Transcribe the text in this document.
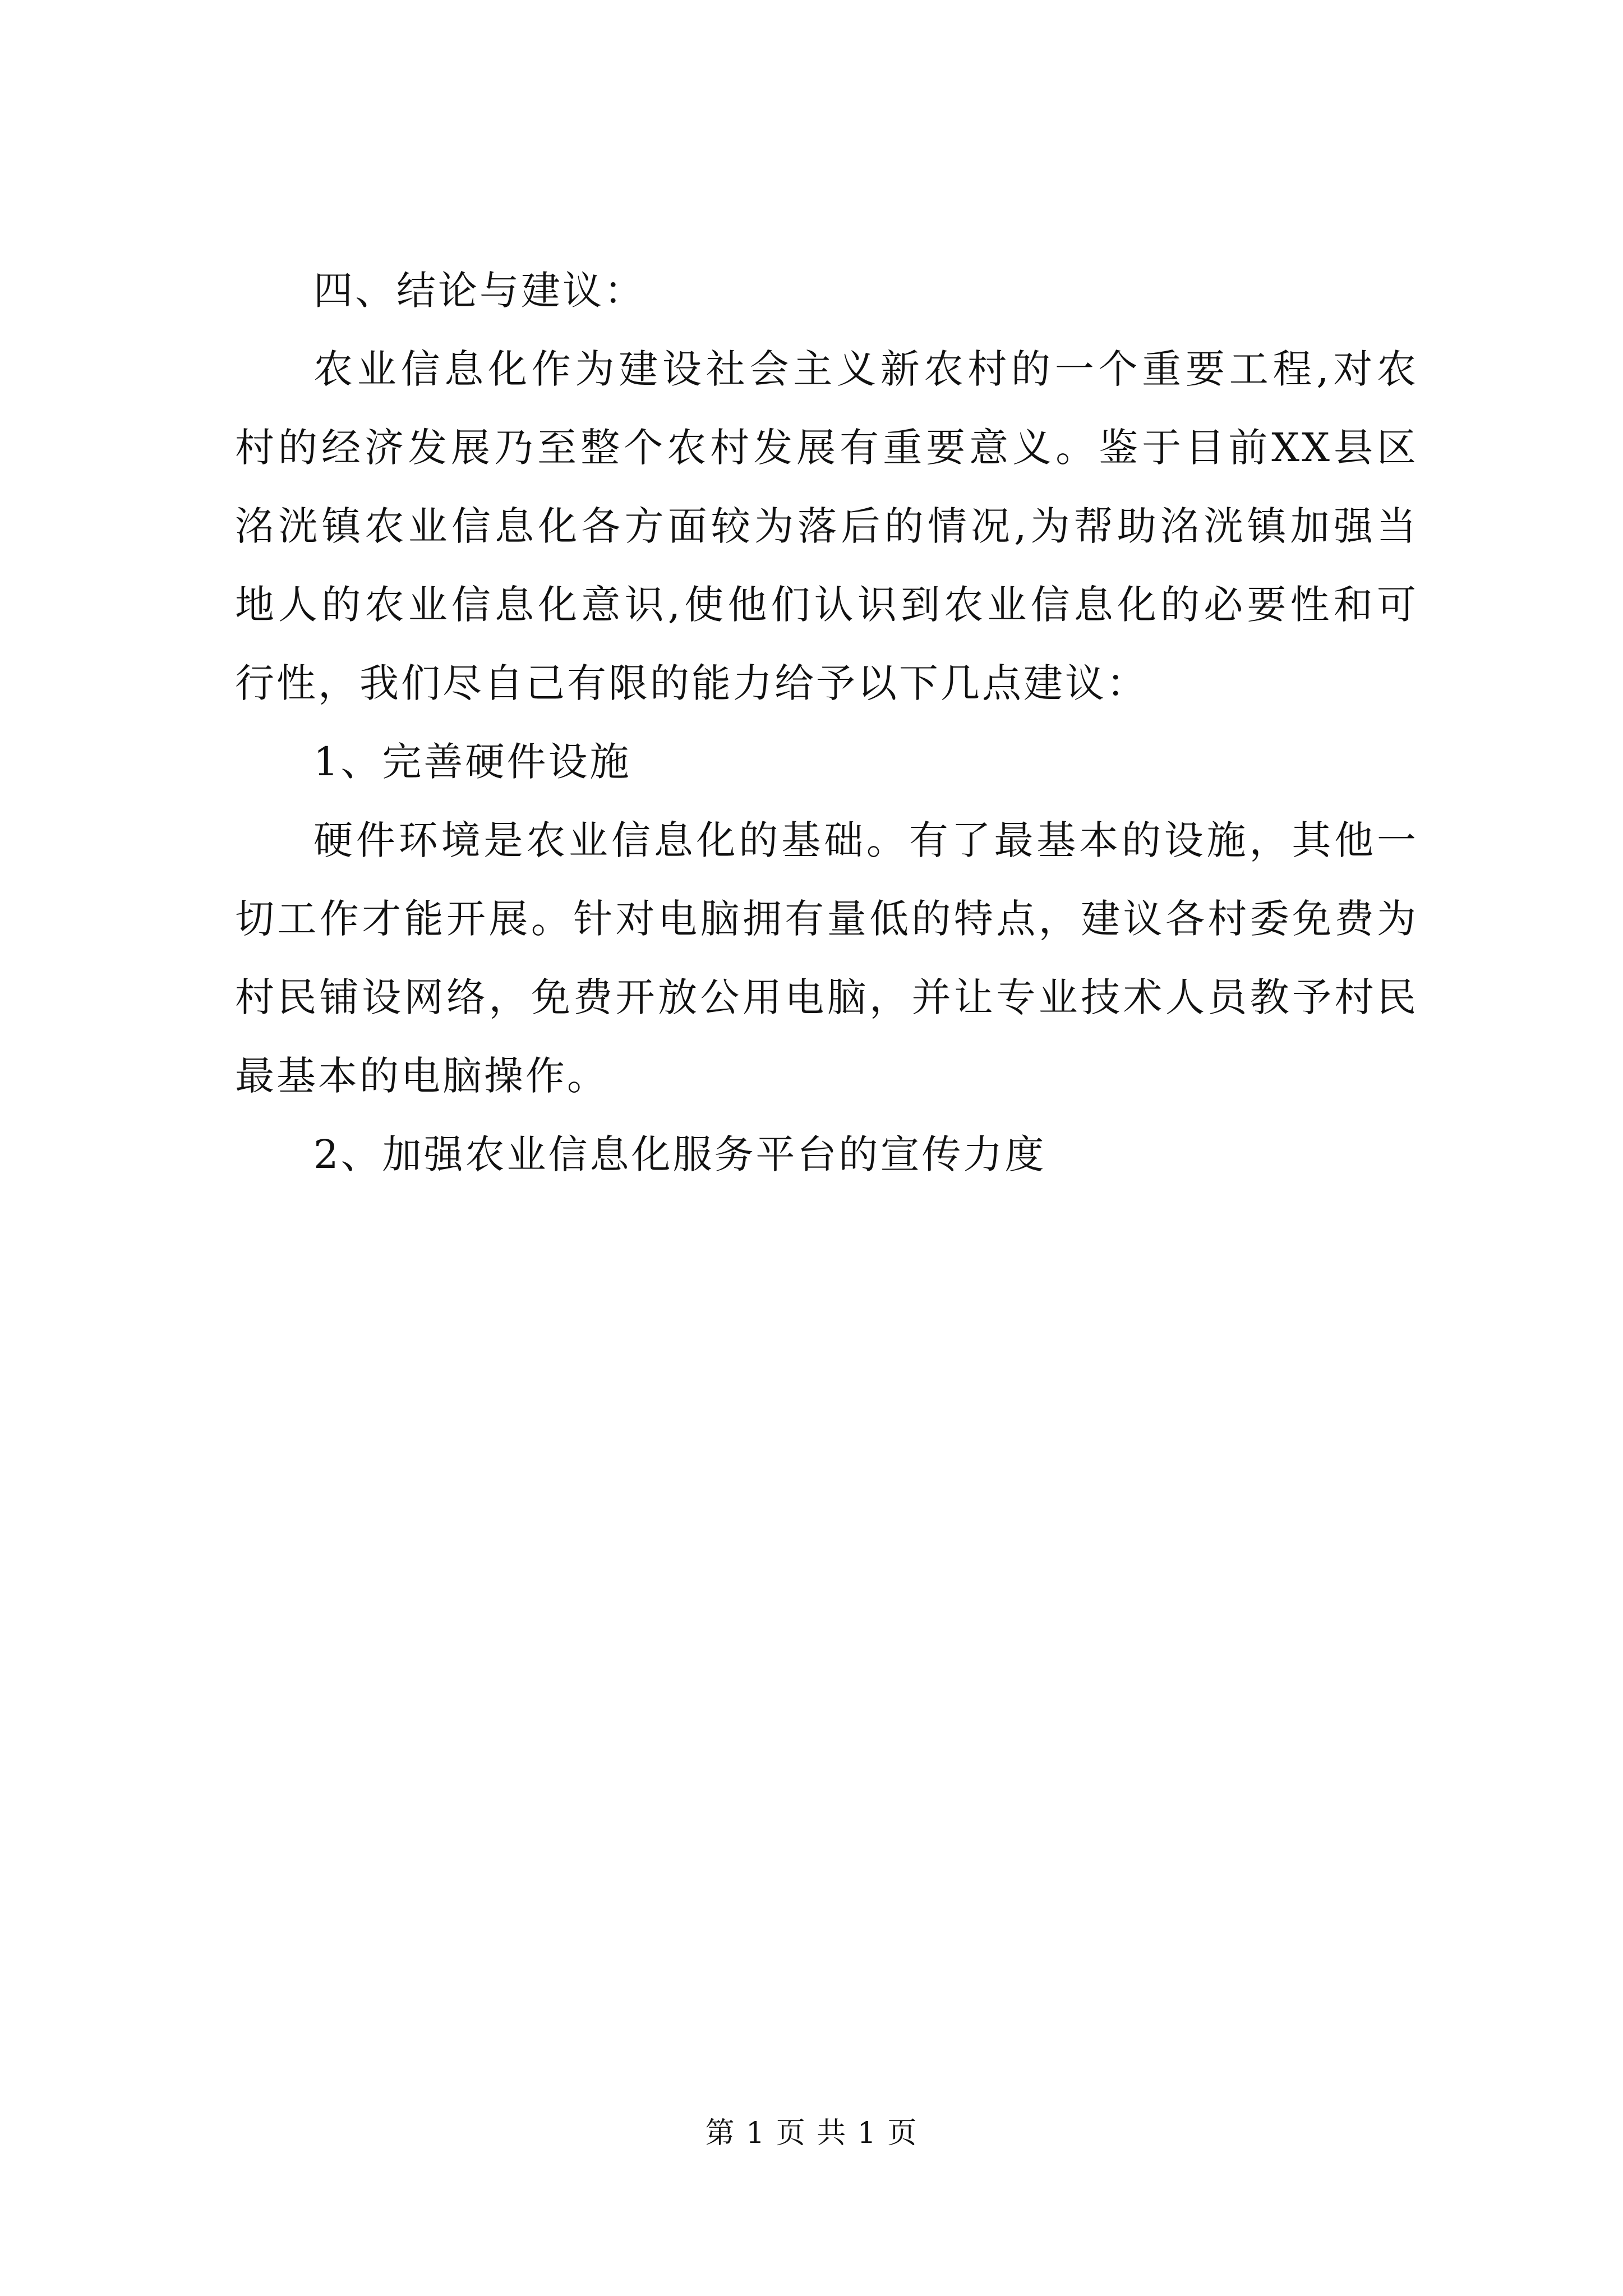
四、结论与建议：

农业信息化作为建设社会主义新农村的一个重要工程,对农

村的经济发展乃至整个农村发展有重要意义。鉴于目前XX县区

洺洸镇农业信息化各方面较为落后的情况,为帮助洺洸镇加强当

地人的农业信息化意识,使他们认识到农业信息化的必要性和可

行性，我们尽自己有限的能力给予以下几点建议：

1、完善硬件设施

硬件环境是农业信息化的基础。有了最基本的设施，其他一

切工作才能开展。针对电脑拥有量低的特点，建议各村委免费为

村民铺设网络，免费开放公用电脑，并让专业技术人员教予村民

最基本的电脑操作。

2、加强农业信息化服务平台的宣传力度

第 1 页 共 1 页
